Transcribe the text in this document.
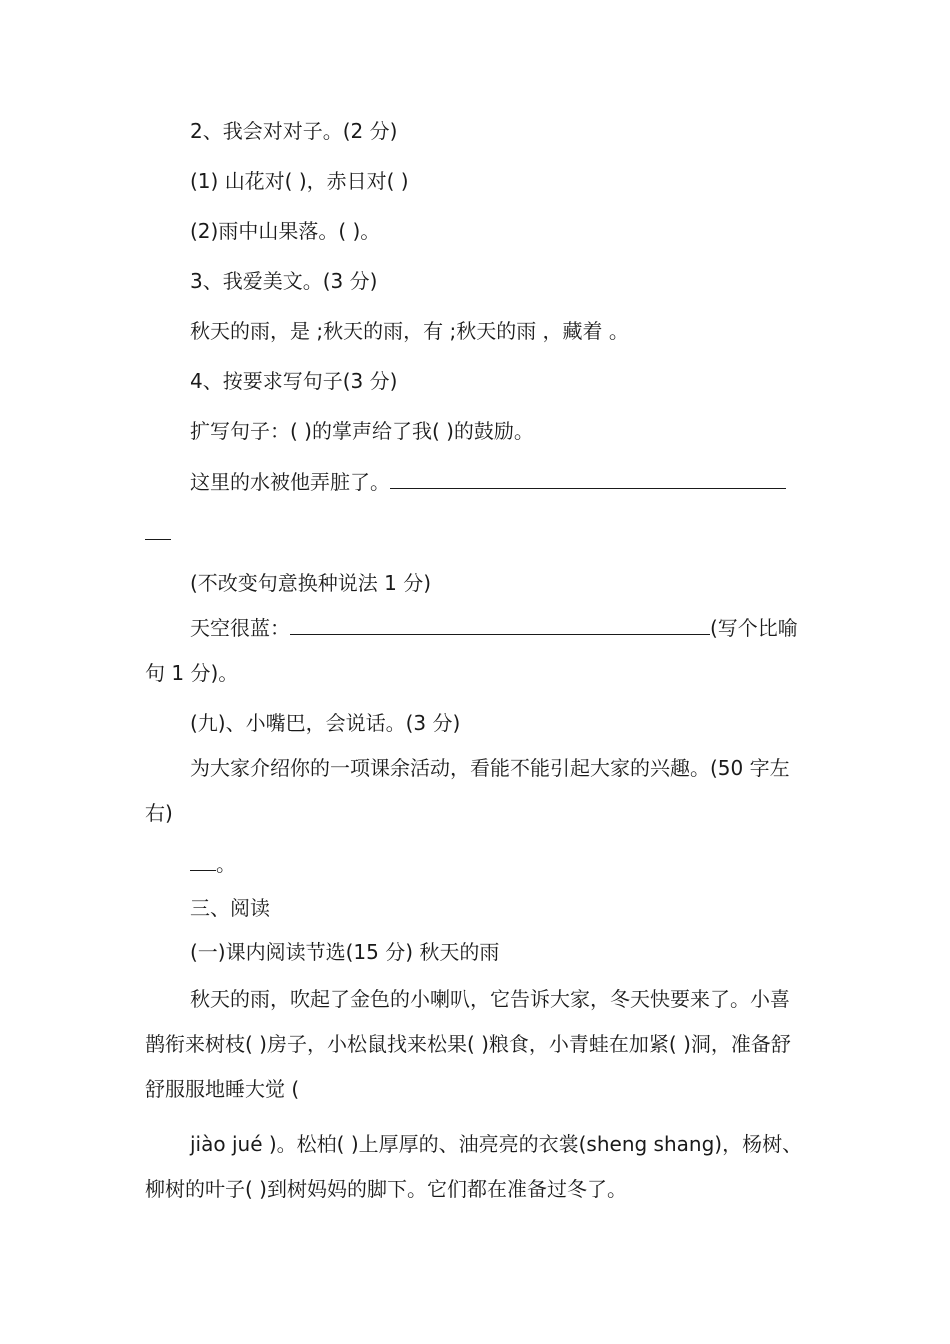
2、我会对对子。(2 分)

(1) 山花对( )，赤日对( )

(2)雨中山果落。( )。

3、我爱美文。(3 分)

秋天的雨，是 ;秋天的雨，有 ;秋天的雨 ，藏着 。

4、按要求写句子(3 分)

扩写句子：( )的掌声给了我( )的鼓励。

这里的水被他弄脏了。

(不改变句意换种说法 1 分)

天空很蓝：	(写个比喻句 1 分)。

(九)、小嘴巴，会说话。(3 分)

为大家介绍你的一项课余活动，看能不能引起大家的兴趣。(50 字左右)

。

三、阅读

(一)课内阅读节选(15 分) 秋天的雨

秋天的雨，吹起了金色的小喇叭，它告诉大家，冬天快要来了。小喜鹊衔来树枝( )房子，小松鼠找来松果( )粮食，小青蛙在加紧( )洞，准备舒舒服服地睡大觉 (

jiào jué )。松柏( )上厚厚的、油亮亮的衣裳(sheng shang)，杨树、柳树的叶子( )到树妈妈的脚下。它们都在准备过冬了。
